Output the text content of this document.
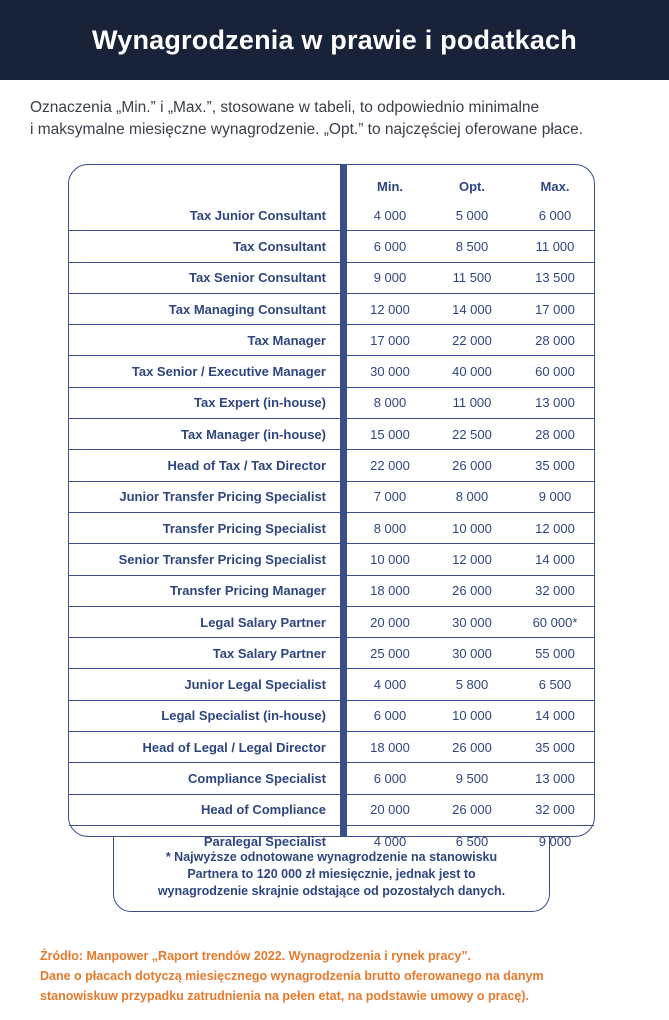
Wynagrodzenia w prawie i podatkach
Oznaczenia „Min.” i „Max.”, stosowane w tabeli, to odpowiednio minimalne
i maksymalne miesięczne wynagrodzenie. „Opt.” to najczęściej oferowane płace.
Min.	Opt.	Max.
Tax Junior Consultant	4 000	5 000	6 000
Tax Consultant	6 000	8 500	11 000
Tax Senior Consultant	9 000	11 500	13 500
Tax Managing Consultant	12 000	14 000	17 000
Tax Manager	17 000	22 000	28 000
Tax Senior / Executive Manager	30 000	40 000	60 000
Tax Expert (in-house)	8 000	11 000	13 000
Tax Manager (in-house)	15 000	22 500	28 000
Head of Tax / Tax Director	22 000	26 000	35 000
Junior Transfer Pricing Specialist	7 000	8 000	9 000
Transfer Pricing Specialist	8 000	10 000	12 000
Senior Transfer Pricing Specialist	10 000	12 000	14 000
Transfer Pricing Manager	18 000	26 000	32 000
Legal Salary Partner	20 000	30 000	60 000*
Tax Salary Partner	25 000	30 000	55 000
Junior Legal Specialist	4 000	5 800	6 500
Legal Specialist (in-house)	6 000	10 000	14 000
Head of Legal / Legal Director	18 000	26 000	35 000
Compliance Specialist	6 000	9 500	13 000
Head of Compliance	20 000	26 000	32 000
Paralegal Specialist	4 000	6 500	9 000
* Najwyższe odnotowane wynagrodzenie na stanowisku
Partnera to 120 000 zł miesięcznie, jednak jest to
wynagrodzenie skrajnie odstające od pozostałych danych.
Źródło: Manpower „Raport trendów 2022. Wynagrodzenia i rynek pracy”.
Dane o płacach dotyczą miesięcznego wynagrodzenia brutto oferowanego na danym
stanowiskuw przypadku zatrudnienia na pełen etat, na podstawie umowy o pracę).
